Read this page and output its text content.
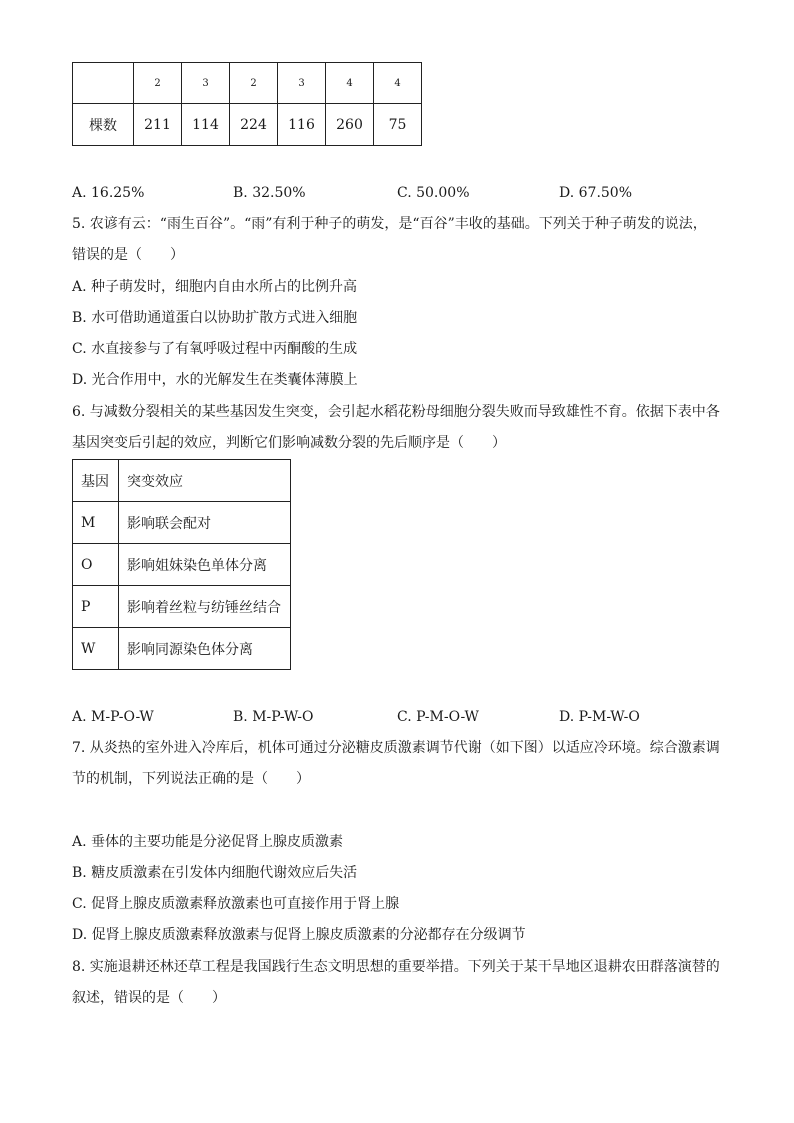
	2	3	2	3	4	4
棵数	211	114	224	116	260	75
A. 16.25%	B. 32.50%	C. 50.00%	D. 67.50%
5. 农谚有云：“雨生百谷”。“雨”有利于种子的萌发，是“百谷”丰收的基础。下列关于种子萌发的说法，
错误的是（　　）
A. 种子萌发时，细胞内自由水所占的比例升高
B. 水可借助通道蛋白以协助扩散方式进入细胞
C. 水直接参与了有氧呼吸过程中丙酮酸的生成
D. 光合作用中，水的光解发生在类囊体薄膜上
6. 与减数分裂相关的某些基因发生突变，会引起水稻花粉母细胞分裂失败而导致雄性不育。依据下表中各
基因突变后引起的效应，判断它们影响减数分裂的先后顺序是（　　）
基因	突变效应
M	影响联会配对
O	影响姐妹染色单体分离
P	影响着丝粒与纺锤丝结合
W	影响同源染色体分离
A. M-P-O-W	B. M-P-W-O	C. P-M-O-W	D. P-M-W-O
7. 从炎热的室外进入冷库后，机体可通过分泌糖皮质激素调节代谢（如下图）以适应冷环境。综合激素调
节的机制，下列说法正确的是（　　）
A. 垂体的主要功能是分泌促肾上腺皮质激素
B. 糖皮质激素在引发体内细胞代谢效应后失活
C. 促肾上腺皮质激素释放激素也可直接作用于肾上腺
D. 促肾上腺皮质激素释放激素与促肾上腺皮质激素的分泌都存在分级调节
8. 实施退耕还林还草工程是我国践行生态文明思想的重要举措。下列关于某干旱地区退耕农田群落演替的
叙述，错误的是（　　）
